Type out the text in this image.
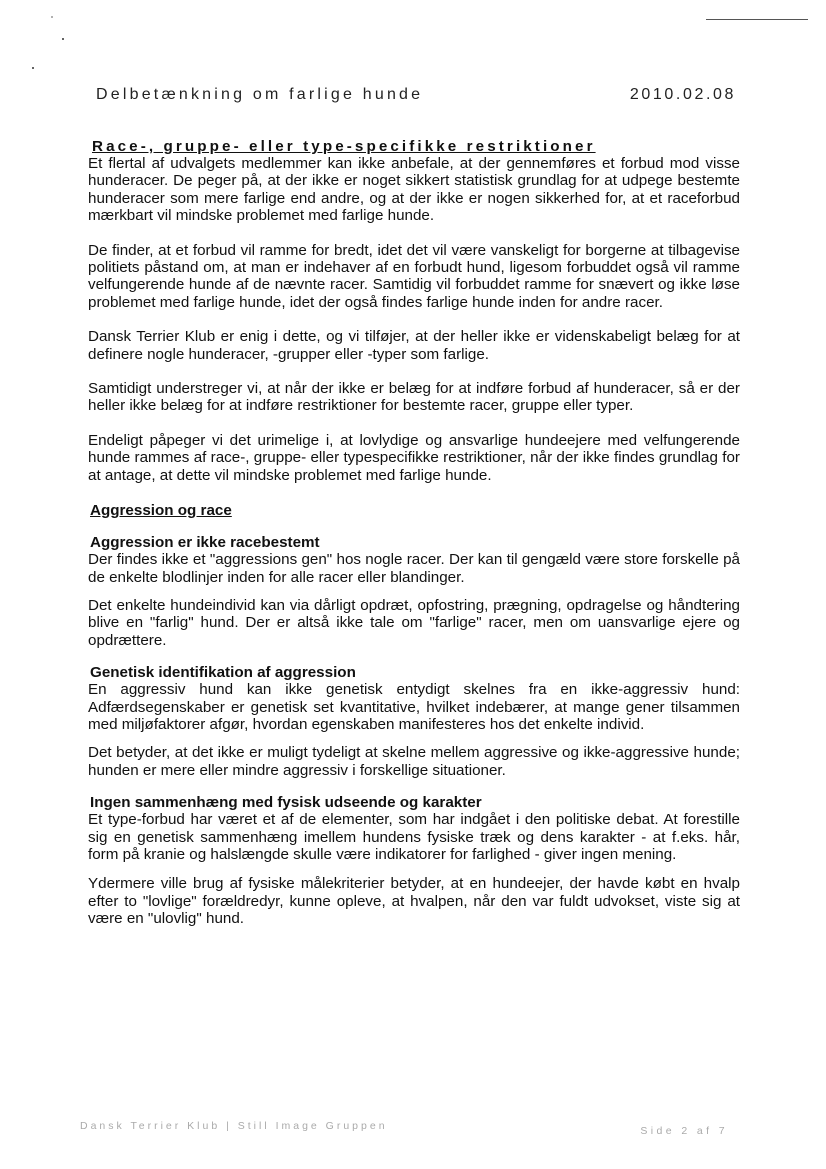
Delbetænkning om farlige hunde	2010.02.08
Race-, gruppe- eller type-specifikke restriktioner

Et flertal af udvalgets medlemmer kan ikke anbefale, at der gennemføres et forbud mod visse hunderacer. De peger på, at der ikke er noget sikkert statistisk grundlag for at udpege bestemte hunderacer som mere farlige end andre, og at der ikke er nogen sikkerhed for, at et raceforbud mærkbart vil mindske problemet med farlige hunde.

De finder, at et forbud vil ramme for bredt, idet det vil være vanskeligt for borgerne at tilbagevise politiets påstand om, at man er indehaver af en forbudt hund, ligesom forbuddet også vil ramme velfungerende hunde af de nævnte racer. Samtidig vil forbuddet ramme for snævert og ikke løse problemet med farlige hunde, idet der også findes farlige hunde inden for andre racer.

Dansk Terrier Klub er enig i dette, og vi tilføjer, at der heller ikke er videnskabeligt belæg for at definere nogle hunderacer, -grupper eller -typer som farlige.

Samtidigt understreger vi, at når der ikke er belæg for at indføre forbud af hunderacer, så er der heller ikke belæg for at indføre restriktioner for bestemte racer, gruppe eller typer.

Endeligt påpeger vi det urimelige i, at lovlydige og ansvarlige hundeejere med velfungerende hunde rammes af race-, gruppe- eller typespecifikke restriktioner, når der ikke findes grundlag for at antage, at dette vil mindske problemet med farlige hunde.

Aggression og race
Aggression er ikke racebestemt

Der findes ikke et "aggressions gen" hos nogle racer. Der kan til gengæld være store forskelle på de enkelte blodlinjer inden for alle racer eller blandinger.

Det enkelte hundeindivid kan via dårligt opdræt, opfostring, prægning, opdragelse og håndtering blive en "farlig" hund. Der er altså ikke tale om "farlige" racer, men om uansvarlige ejere og opdrættere.

Genetisk identifikation af aggression

En aggressiv hund kan ikke genetisk entydigt skelnes fra en ikke-aggressiv hund: Adfærdsegenskaber er genetisk set kvantitative, hvilket indebærer, at mange gener tilsammen med miljøfaktorer afgør, hvordan egenskaben manifesteres hos det enkelte individ.

Det betyder, at det ikke er muligt tydeligt at skelne mellem aggressive og ikke-aggressive hunde; hunden er mere eller mindre aggressiv i forskellige situationer.

Ingen sammenhæng med fysisk udseende og karakter

Et type-forbud har været et af de elementer, som har indgået i den politiske debat. At forestille sig en genetisk sammenhæng imellem hundens fysiske træk og dens karakter - at f.eks. hår, form på kranie og halslængde skulle være indikatorer for farlighed - giver ingen mening.

Ydermere ville brug af fysiske målekriterier betyder, at en hundeejer, der havde købt en hvalp efter to "lovlige" forældredyr, kunne opleve, at hvalpen, når den var fuldt udvokset, viste sig at være en "ulovlig" hund.

Dansk Terrier Klub | Still Image Gruppen	Side 2 af 7
